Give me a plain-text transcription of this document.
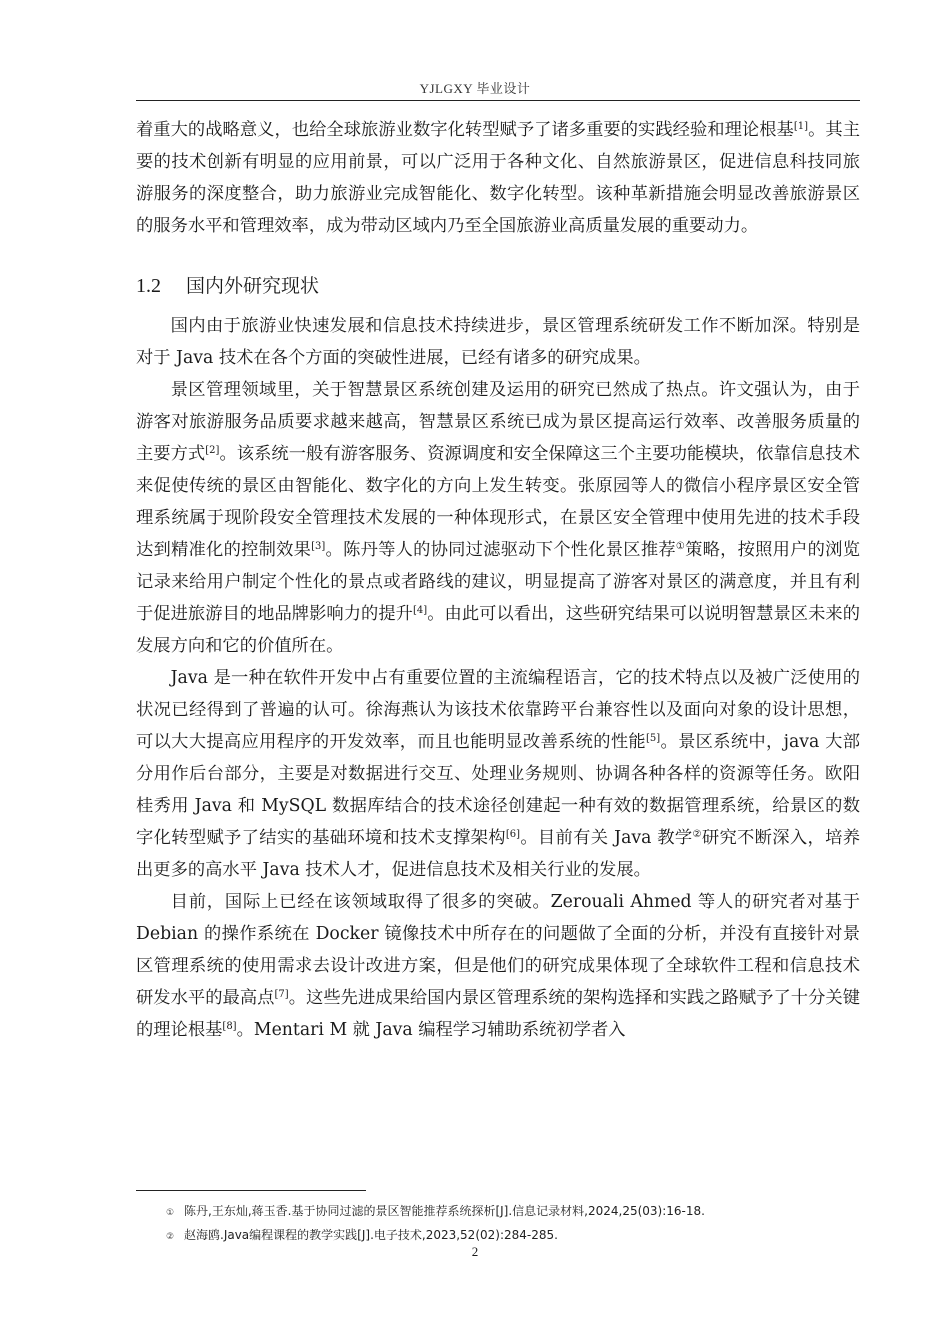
YJLGXY 毕业设计

着重大的战略意义，也给全球旅游业数字化转型赋予了诸多重要的实践经验和理论根基[1]。其主要的技术创新有明显的应用前景，可以广泛用于各种文化、自然旅游景区，促进信息科技同旅游服务的深度整合，助力旅游业完成智能化、数字化转型。该种革新措施会明显改善旅游景区的服务水平和管理效率，成为带动区域内乃至全国旅游业高质量发展的重要动力。

1.2	国内外研究现状

国内由于旅游业快速发展和信息技术持续进步，景区管理系统研发工作不断加深。特别是对于 Java 技术在各个方面的突破性进展，已经有诸多的研究成果。

景区管理领域里，关于智慧景区系统创建及运用的研究已然成了热点。许文强认为，由于游客对旅游服务品质要求越来越高，智慧景区系统已成为景区提高运行效率、改善服务质量的主要方式[2]。该系统一般有游客服务、资源调度和安全保障这三个主要功能模块，依靠信息技术来促使传统的景区由智能化、数字化的方向上发生转变。张原园等人的微信小程序景区安全管理系统属于现阶段安全管理技术发展的一种体现形式，在景区安全管理中使用先进的技术手段达到精准化的控制效果[3]。陈丹等人的协同过滤驱动下个性化景区推荐①策略，按照用户的浏览记录来给用户制定个性化的景点或者路线的建议，明显提高了游客对景区的满意度，并且有利于促进旅游目的地品牌影响力的提升[4]。由此可以看出，这些研究结果可以说明智慧景区未来的发展方向和它的价值所在。

Java 是一种在软件开发中占有重要位置的主流编程语言，它的技术特点以及被广泛使用的状况已经得到了普遍的认可。徐海燕认为该技术依靠跨平台兼容性以及面向对象的设计思想，可以大大提高应用程序的开发效率，而且也能明显改善系统的性能[5]。景区系统中，java 大部分用作后台部分，主要是对数据进行交互、处理业务规则、协调各种各样的资源等任务。欧阳桂秀用 Java 和 MySQL 数据库结合的技术途径创建起一种有效的数据管理系统，给景区的数字化转型赋予了结实的基础环境和技术支撑架构[6]。目前有关 Java 教学②研究不断深入，培养出更多的高水平 Java 技术人才，促进信息技术及相关行业的发展。

目前，国际上已经在该领域取得了很多的突破。Zerouali Ahmed 等人的研究者对基于 Debian 的操作系统在 Docker 镜像技术中所存在的问题做了全面的分析，并没有直接针对景区管理系统的使用需求去设计改进方案，但是他们的研究成果体现了全球软件工程和信息技术研发水平的最高点[7]。这些先进成果给国内景区管理系统的架构选择和实践之路赋予了十分关键的理论根基[8]。Mentari M 就 Java 编程学习辅助系统初学者入

① 陈丹,王东灿,蒋玉香.基于协同过滤的景区智能推荐系统探析[J].信息记录材料,2024,25(03):16-18.
② 赵海鸥.Java编程课程的教学实践[J].电子技术,2023,52(02):284-285.
2
